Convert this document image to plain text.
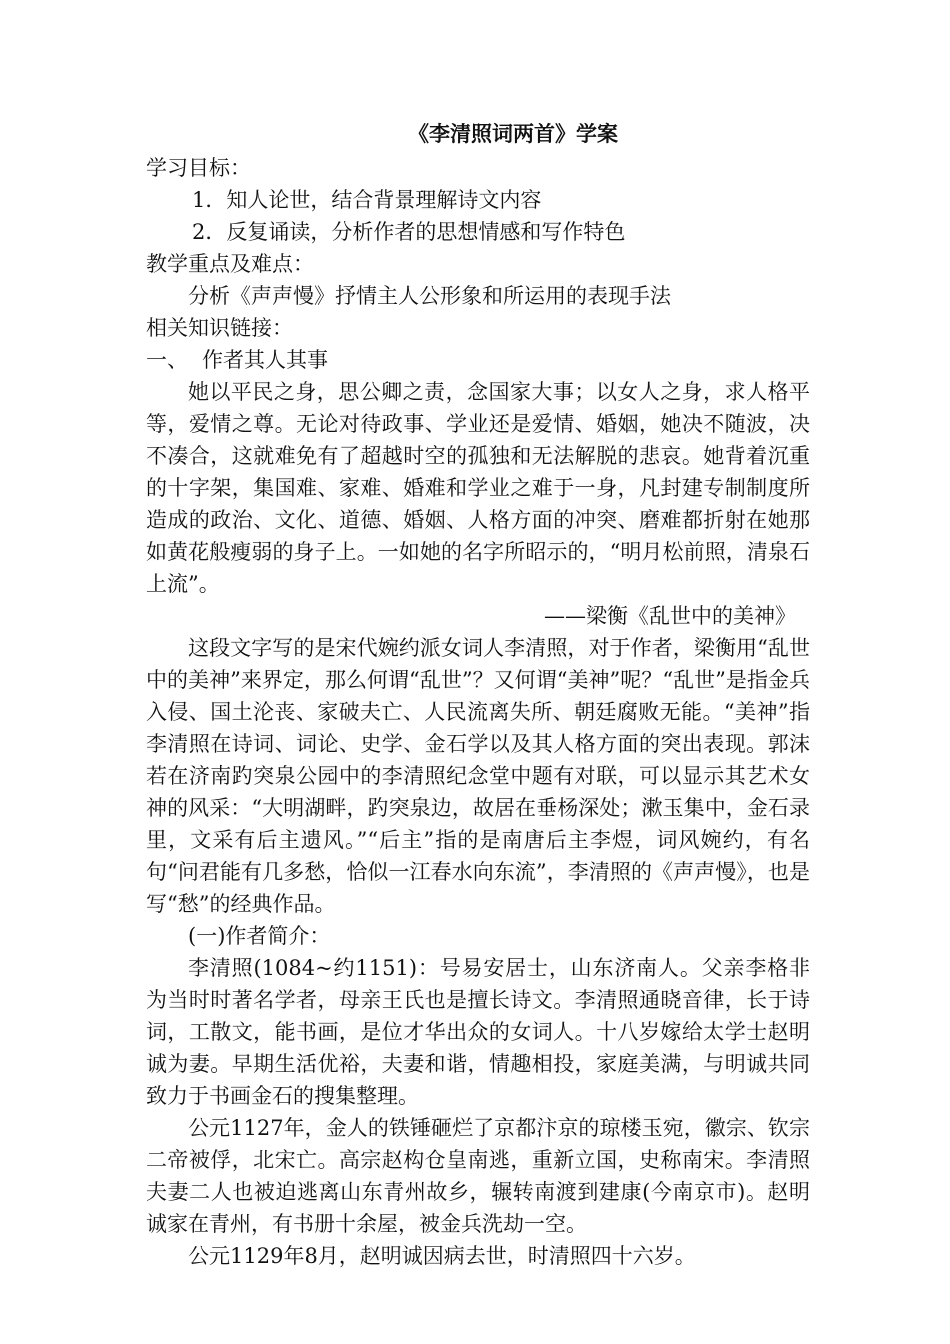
《李清照词两首》学案
学习目标：
1．知人论世，结合背景理解诗文内容
2．反复诵读，分析作者的思想情感和写作特色
教学重点及难点：
分析《声声慢》抒情主人公形象和所运用的表现手法
相关知识链接：
一、 作者其人其事

她以平民之身，思公卿之责，念国家大事；以女人之身，求人格平等，爱情之尊。无论对待政事、学业还是爱情、婚姻，她决不随波，决不凑合，这就难免有了超越时空的孤独和无法解脱的悲哀。她背着沉重的十字架，集国难、家难、婚难和学业之难于一身，凡封建专制制度所造成的政治、文化、道德、婚姻、人格方面的冲突、磨难都折射在她那如黄花般瘦弱的身子上。一如她的名字所昭示的，“明月松前照，清泉石上流”。

——梁衡《乱世中的美神》

这段文字写的是宋代婉约派女词人李清照，对于作者，梁衡用“乱世中的美神”来界定，那么何谓“乱世”？又何谓“美神”呢？“乱世”是指金兵入侵、国土沦丧、家破夫亡、人民流离失所、朝廷腐败无能。“美神”指李清照在诗词、词论、史学、金石学以及其人格方面的突出表现。郭沫若在济南趵突泉公园中的李清照纪念堂中题有对联，可以显示其艺术女神的风采：“大明湖畔，趵突泉边，故居在垂杨深处；漱玉集中，金石录里，文采有后主遗风。”“后主”指的是南唐后主李煜，词风婉约，有名句“问君能有几多愁，恰似一江春水向东流”，李清照的《声声慢》，也是写“愁”的经典作品。

(一)作者简介：

李清照(1084~约1151)：号易安居士，山东济南人。父亲李格非为当时时著名学者，母亲王氏也是擅长诗文。李清照通晓音律，长于诗词，工散文，能书画，是位才华出众的女词人。十八岁嫁给太学士赵明诚为妻。早期生活优裕，夫妻和谐，情趣相投，家庭美满，与明诚共同致力于书画金石的搜集整理。

公元1127年，金人的铁锤砸烂了京都汴京的琼楼玉宛，徽宗、钦宗二帝被俘，北宋亡。高宗赵构仓皇南逃，重新立国，史称南宋。李清照夫妻二人也被迫逃离山东青州故乡，辗转南渡到建康(今南京市)。赵明诚家在青州，有书册十余屋，被金兵洗劫一空。

公元1129年8月，赵明诚因病去世，时清照四十六岁。
